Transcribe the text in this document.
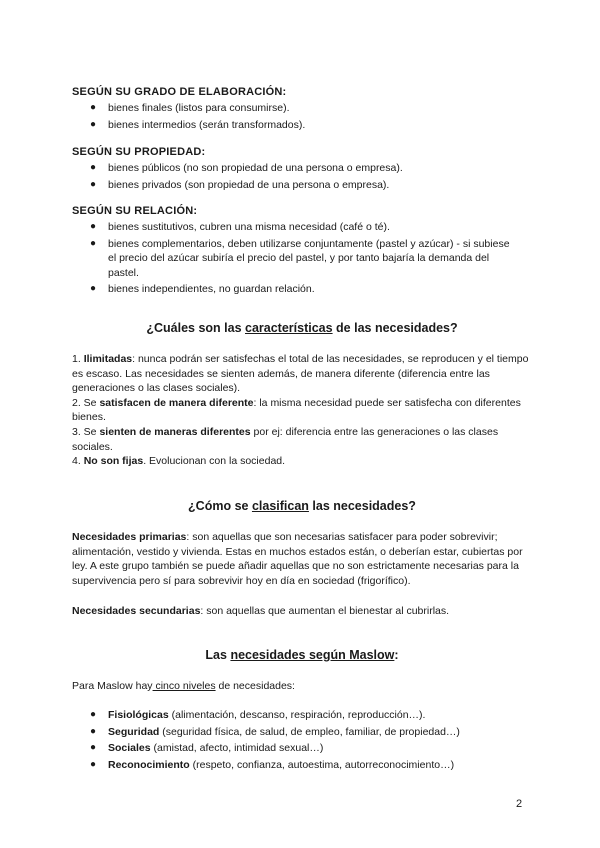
SEGÚN SU GRADO DE ELABORACIÓN:
● bienes finales (listos para consumirse).
● bienes intermedios (serán transformados).
SEGÚN SU PROPIEDAD:
● bienes públicos (no son propiedad de una persona o empresa).
● bienes privados (son propiedad de una persona o empresa).
SEGÚN SU RELACIÓN:
● bienes sustitutivos, cubren una misma necesidad (café o té).
● bienes complementarios, deben utilizarse conjuntamente (pastel y azúcar) - si subiese el precio del azúcar subiría el precio del pastel, y por tanto bajaría la demanda del pastel.
● bienes independientes, no guardan relación.
¿Cuáles son las características de las necesidades?
1. Ilimitadas: nunca podrán ser satisfechas el total de las necesidades, se reproducen y el tiempo es escaso. Las necesidades se sienten además, de manera diferente (diferencia entre las generaciones o las clases sociales).
2. Se satisfacen de manera diferente: la misma necesidad puede ser satisfecha con diferentes bienes.
3. Se sienten de maneras diferentes por ej: diferencia entre las generaciones o las clases sociales.
4. No son fijas. Evolucionan con la sociedad.
¿Cómo se clasifican las necesidades?

Necesidades primarias: son aquellas que son necesarias satisfacer para poder sobrevivir; alimentación, vestido y vivienda. Estas en muchos estados están, o deberían estar, cubiertas por ley. A este grupo también se puede añadir aquellas que no son estrictamente necesarias para la supervivencia pero sí para sobrevivir hoy en día en sociedad (frigorífico).

Necesidades secundarias: son aquellas que aumentan el bienestar al cubrirlas.

Las necesidades según Maslow:

Para Maslow hay cinco niveles de necesidades:

● Fisiológicas (alimentación, descanso, respiración, reproducción…).
● Seguridad (seguridad física, de salud, de empleo, familiar, de propiedad…)
● Sociales (amistad, afecto, intimidad sexual…)
● Reconocimiento (respeto, confianza, autoestima, autorreconocimiento…)
2
